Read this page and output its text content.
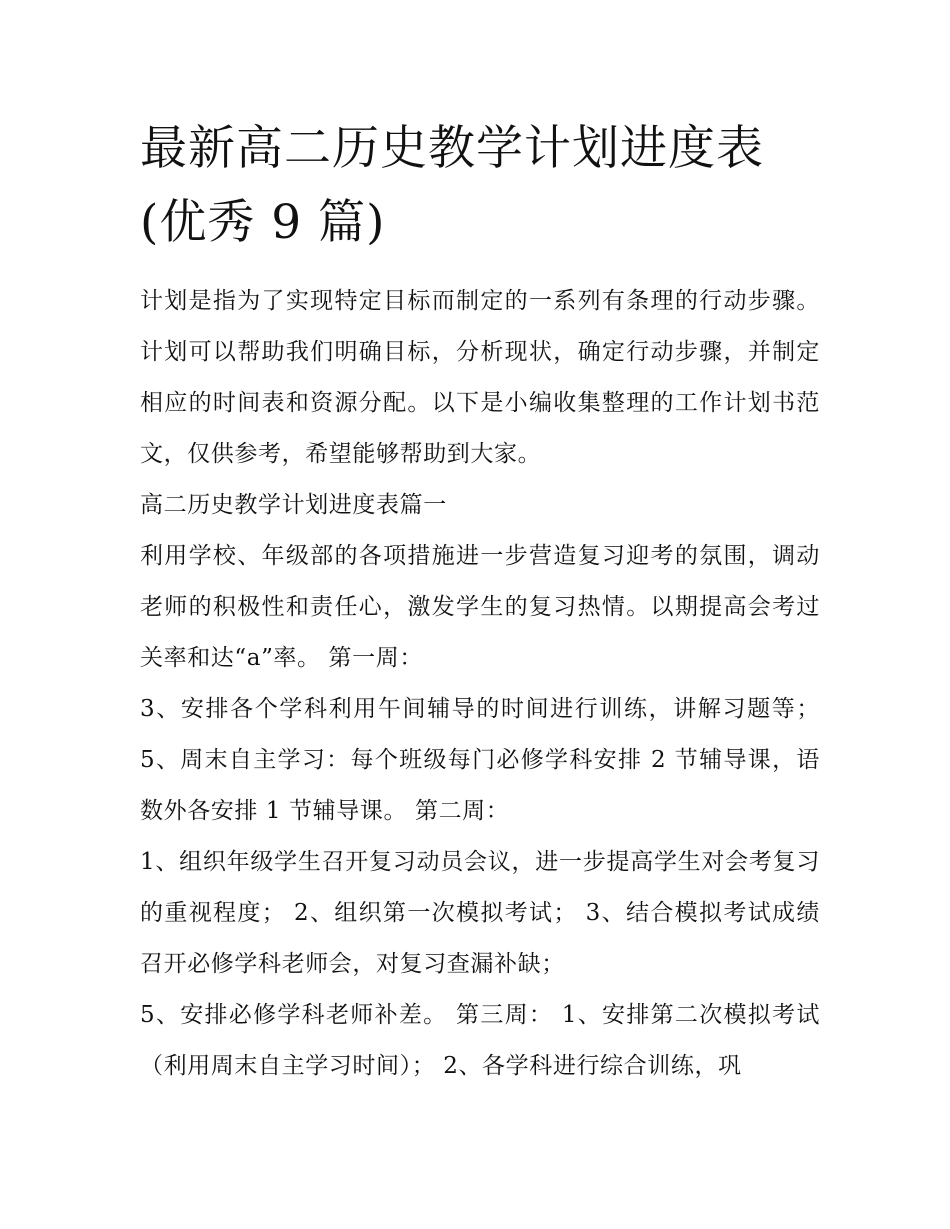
最新高二历史教学计划进度表
(优秀 9 篇)

计划是指为了实现特定目标而制定的一系列有条理的行动步骤。计划可以帮助我们明确目标，分析现状，确定行动步骤，并制定相应的时间表和资源分配。以下是小编收集整理的工作计划书范文，仅供参考，希望能够帮助到大家。

高二历史教学计划进度表篇一

利用学校、年级部的各项措施进一步营造复习迎考的氛围，调动老师的积极性和责任心，激发学生的复习热情。以期提高会考过关率和达“a”率。 第一周：

3、安排各个学科利用午间辅导的时间进行训练，讲解习题等； 5、周末自主学习：每个班级每门必修学科安排 2 节辅导课，语数外各安排 1 节辅导课。 第二周：

1、组织年级学生召开复习动员会议，进一步提高学生对会考复习的重视程度； 2、组织第一次模拟考试； 3、结合模拟考试成绩召开必修学科老师会，对复习查漏补缺；

5、安排必修学科老师补差。 第三周： 1、安排第二次模拟考试（利用周末自主学习时间）； 2、各学科进行综合训练，巩
